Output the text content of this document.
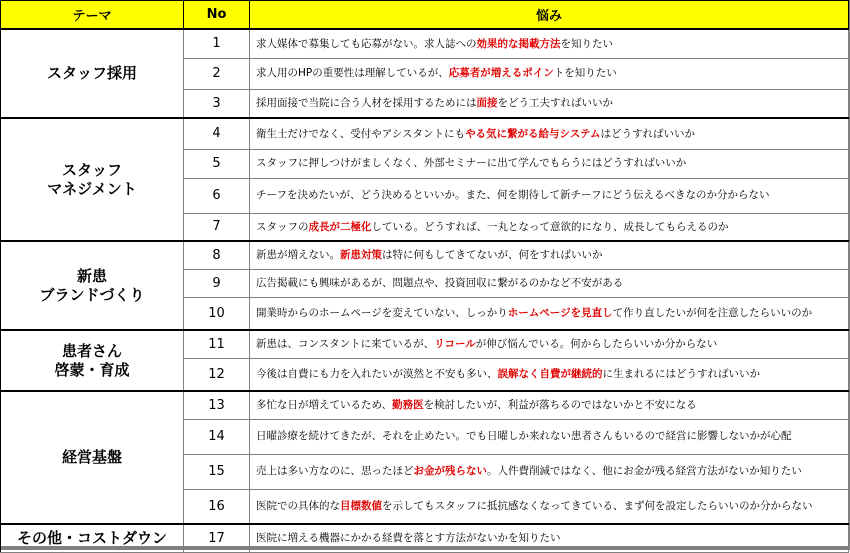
テーマ	No	悩み
スタッフ採用	1	求人媒体で募集しても応募がない。求人誌への効果的な掲載方法を知りたい
	2	求人用のHPの重要性は理解しているが、応募者が増えるポイントを知りたい
	3	採用面接で当院に合う人材を採用するためには面接をどう工夫すればいいか
スタッフ
マネジメント	4	衛生士だけでなく、受付やアシスタントにもやる気に繋がる給与システムはどうすればいいか
	5	スタッフに押しつけがましくなく、外部セミナーに出て学んでもらうにはどうすればいいか
	6	チーフを決めたいが、どう決めるといいか。また、何を期待して新チーフにどう伝えるべきなのか分からない
	7	スタッフの成長が二極化している。どうすれば、一丸となって意欲的になり、成長してもらえるのか
新患
ブランドづくり	8	新患が増えない。新患対策は特に何もしてきてないが、何をすればいいか
	9	広告掲載にも興味があるが、問題点や、投資回収に繋がるのかなど不安がある
	10	開業時からのホームページを変えていない、しっかりホームページを見直して作り直したいが何を注意したらいいのか
患者さん
啓蒙・育成	11	新患は、コンスタントに来ているが、リコールが伸び悩んでいる。何からしたらいいか分からない
	12	今後は自費にも力を入れたいが漠然と不安も多い、誤解なく自費が継続的に生まれるにはどうすればいいか
経営基盤	13	多忙な日が増えているため、勤務医を検討したいが、利益が落ちるのではないかと不安になる
	14	日曜診療を続けてきたが、それを止めたい。でも日曜しか来れない患者さんもいるので経営に影響しないかが心配
	15	売上は多い方なのに、思ったほどお金が残らない。人件費削減ではなく、他にお金が残る経営方法がないか知りたい
	16	医院での具体的な目標数値を示してもスタッフに抵抗感なくなってきている、まず何を設定したらいいのか分からない
その他・コストダウン	17	医院に増える機器にかかる経費を落とす方法がないかを知りたい
